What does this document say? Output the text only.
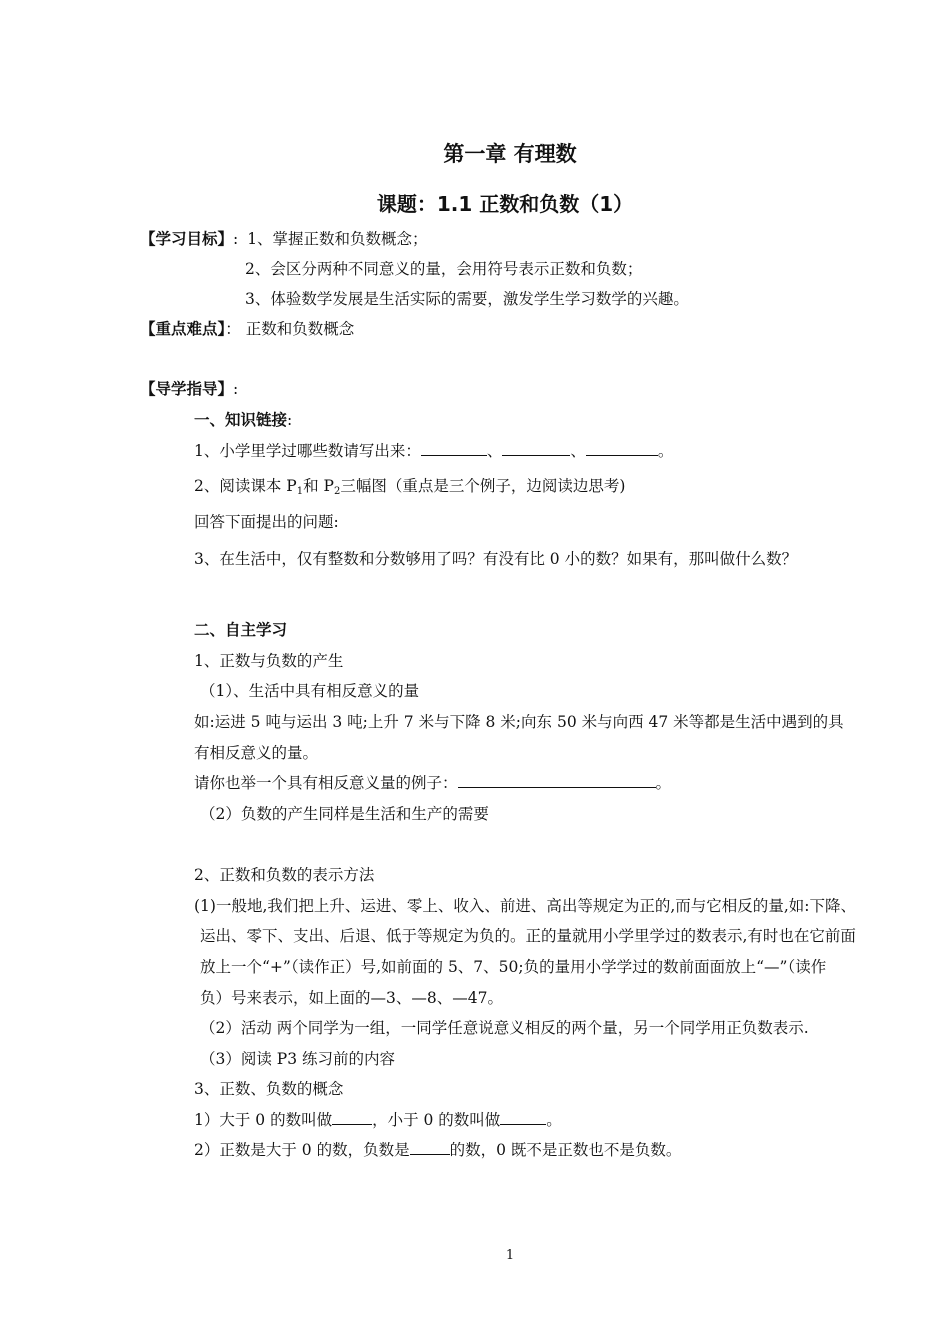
第一章 有理数
课题：1.1 正数和负数（1）
【学习目标】: 1、掌握正数和负数概念；
2、会区分两种不同意义的量，会用符号表示正数和负数；
3、体验数学发展是生活实际的需要，激发学生学习数学的兴趣。
【重点难点】： 正数和负数概念
【导学指导】:
一、知识链接:
1、小学里学过哪些数请写出来：	、	、	。
2、阅读课本 $P_1$和 $P_2$三幅图（重点是三个例子，边阅读边思考)
回答下面提出的问题:
3、在生活中，仅有整数和分数够用了吗？有没有比 0 小的数？如果有，那叫做什么数？
二、自主学习
1、正数与负数的产生
（1）、生活中具有相反意义的量
如:运进 5 吨与运出 3 吨;上升 7 米与下降 8 米;向东 50 米与向西 47 米等都是生活中遇到的具
有相反意义的量。
请你也举一个具有相反意义量的例子：	。
（2）负数的产生同样是生活和生产的需要
2、正数和负数的表示方法
(1)一般地,我们把上升、运进、零上、收入、前进、高出等规定为正的,而与它相反的量,如:下降、
运出、零下、支出、后退、低于等规定为负的。正的量就用小学里学过的数表示,有时也在它前面
放上一个“+”（读作正）号,如前面的 5、7、50;负的量用小学学过的数前面面放上“—”（读作
负）号来表示，如上面的—3、—8、—47。
（2）活动 两个同学为一组，一同学任意说意义相反的两个量，另一个同学用正负数表示.
（3）阅读 P3 练习前的内容
3、正数、负数的概念
1）大于 0 的数叫做	，小于 0 的数叫做	。
2）正数是大于 0 的数，负数是	的数，0 既不是正数也不是负数。
1
